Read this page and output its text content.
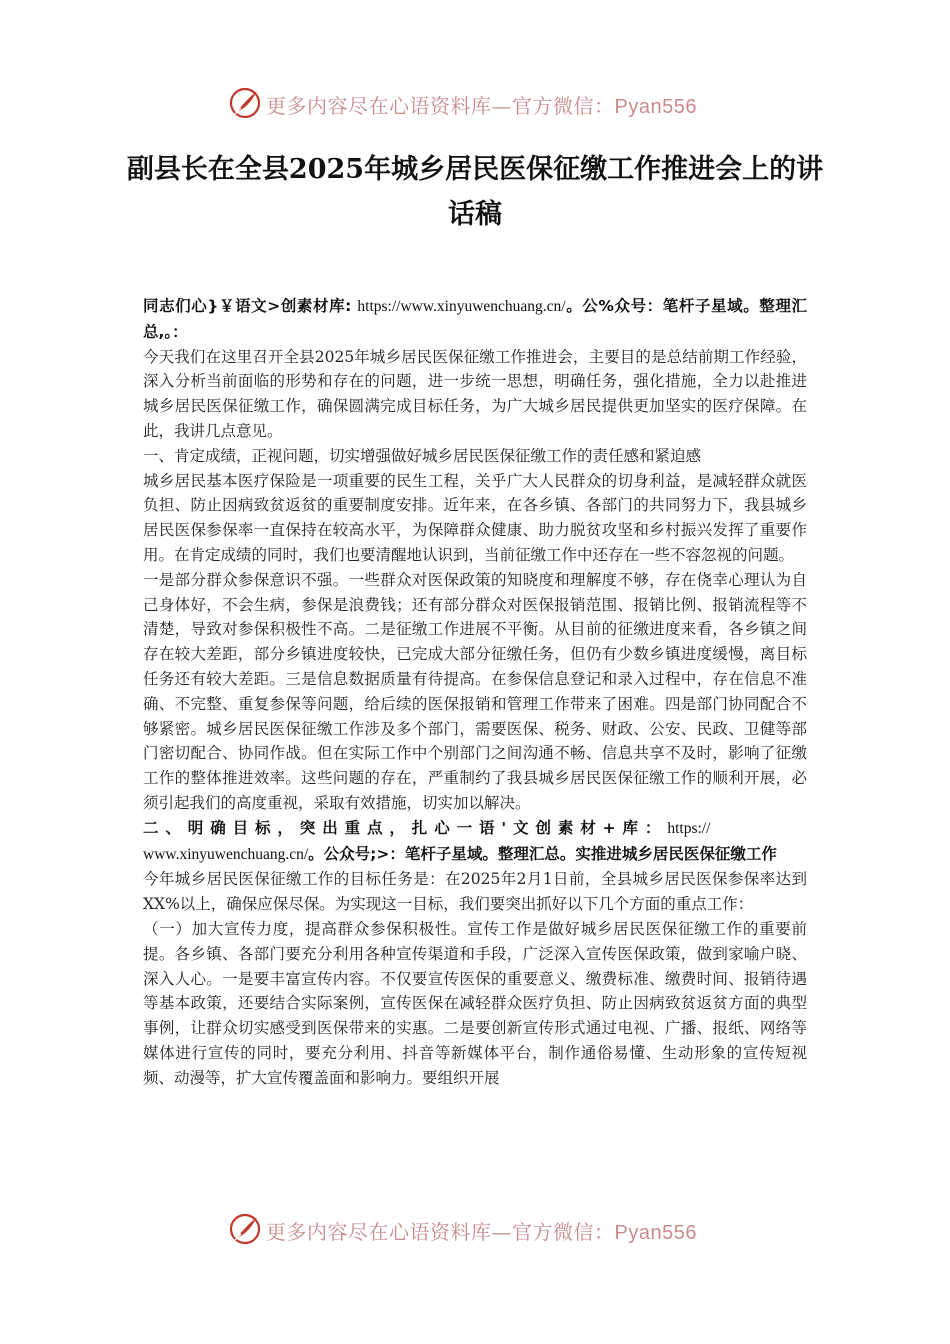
更多内容尽在心语资料库—官方微信：Pyan556
副县长在全县2025年城乡居民医保征缴工作推进会上的讲话稿

同志们心}￥语文>创素材库: https://www.xinyuwenchuang.cn/。公%众号：笔杆子星域。整理汇总,。：

今天我们在这里召开全县2025年城乡居民医保征缴工作推进会，主要目的是总结前期工作经验，深入分析当前面临的形势和存在的问题，进一步统一思想，明确任务，强化措施，全力以赴推进城乡居民医保征缴工作，确保圆满完成目标任务，为广大城乡居民提供更加坚实的医疗保障。在此，我讲几点意见。

一、肯定成绩，正视问题，切实增强做好城乡居民医保征缴工作的责任感和紧迫感

城乡居民基本医疗保险是一项重要的民生工程，关乎广大人民群众的切身利益，是减轻群众就医负担、防止因病致贫返贫的重要制度安排。近年来，在各乡镇、各部门的共同努力下，我县城乡居民医保参保率一直保持在较高水平，为保障群众健康、助力脱贫攻坚和乡村振兴发挥了重要作用。在肯定成绩的同时，我们也要清醒地认识到，当前征缴工作中还存在一些不容忽视的问题。

一是部分群众参保意识不强。一些群众对医保政策的知晓度和理解度不够，存在侥幸心理认为自己身体好，不会生病，参保是浪费钱；还有部分群众对医保报销范围、报销比例、报销流程等不清楚，导致对参保积极性不高。二是征缴工作进展不平衡。从目前的征缴进度来看，各乡镇之间存在较大差距，部分乡镇进度较快，已完成大部分征缴任务，但仍有少数乡镇进度缓慢，离目标任务还有较大差距。三是信息数据质量有待提高。在参保信息登记和录入过程中，存在信息不准确、不完整、重复参保等问题，给后续的医保报销和管理工作带来了困难。四是部门协同配合不够紧密。城乡居民医保征缴工作涉及多个部门，需要医保、税务、财政、公安、民政、卫健等部门密切配合、协同作战。但在实际工作中个别部门之间沟通不畅、信息共享不及时，影响了征缴工作的整体推进效率。这些问题的存在，严重制约了我县城乡居民医保征缴工作的顺利开展，必须引起我们的高度重视，采取有效措施，切实加以解决。

二、明确目标，突出重点，扎心一语'文创素材+库：https://
www.xinyuwenchuang.cn/。公众号;>：笔杆子星域。整理汇总。实推进城乡居民医保征缴工作

今年城乡居民医保征缴工作的目标任务是：在2025年2月1日前，全县城乡居民医保参保率达到XX%以上，确保应保尽保。为实现这一目标，我们要突出抓好以下几个方面的重点工作：

（一）加大宣传力度，提高群众参保积极性。宣传工作是做好城乡居民医保征缴工作的重要前提。各乡镇、各部门要充分利用各种宣传渠道和手段，广泛深入宣传医保政策，做到家喻户晓、深入人心。一是要丰富宣传内容。不仅要宣传医保的重要意义、缴费标准、缴费时间、报销待遇等基本政策，还要结合实际案例，宣传医保在减轻群众医疗负担、防止因病致贫返贫方面的典型事例，让群众切实感受到医保带来的实惠。二是要创新宣传形式通过电视、广播、报纸、网络等媒体进行宣传的同时，要充分利用、抖音等新媒体平台，制作通俗易懂、生动形象的宣传短视频、动漫等，扩大宣传覆盖面和影响力。要组织开展

更多内容尽在心语资料库—官方微信：Pyan556
